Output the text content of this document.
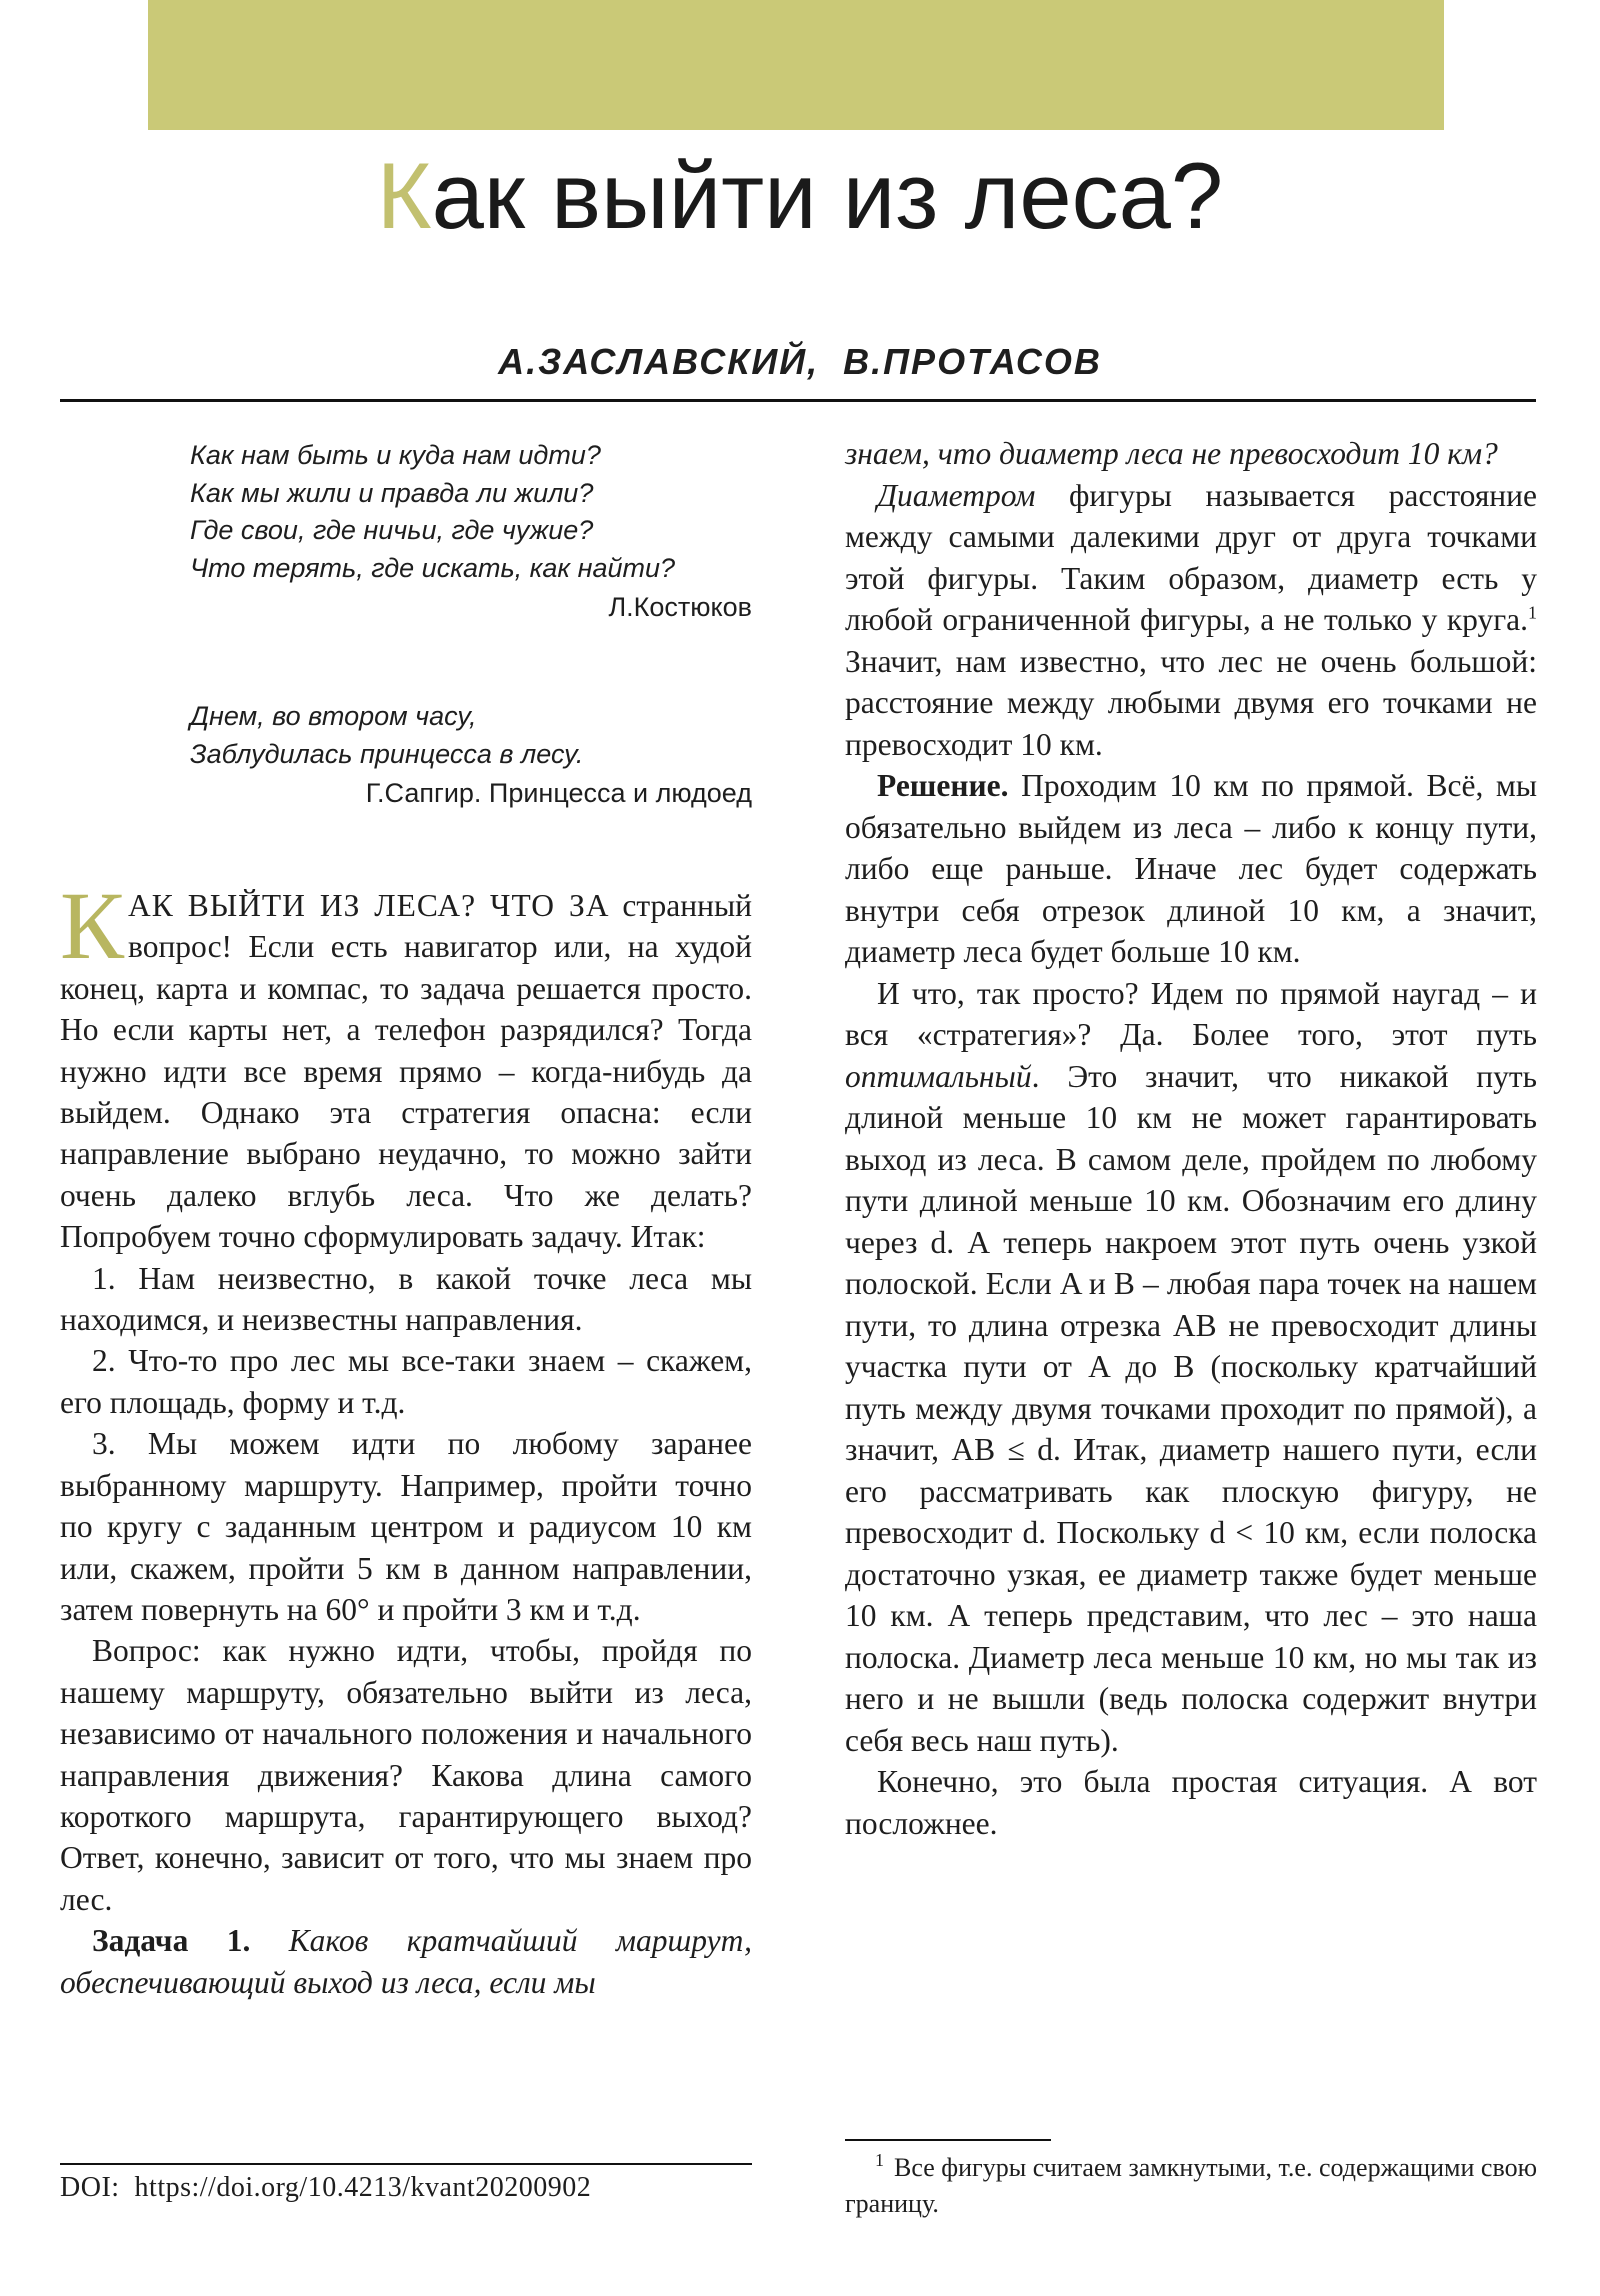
Как выйти из леса?
А.ЗАСЛАВСКИЙ,  В.ПРОТАСОВ
Как нам быть и куда нам идти?
Как мы жили и правда ли жили?
Где свои, где ничьи, где чужие?
Что терять, где искать, как найти?
Л.Костюков
Днем, во втором часу,
Заблудилась принцесса в лесу.
Г.Сапгир. Принцесса и людоед

КАК ВЫЙТИ ИЗ ЛЕСА? ЧТО ЗА странный вопрос! Если есть навигатор или, на худой конец, карта и компас, то задача решается просто. Но если карты нет, а телефон разрядился? Тогда нужно идти все время прямо – когда-нибудь да выйдем. Однако эта стратегия опасна: если направление выбрано неудачно, то можно зайти очень далеко вглубь леса. Что же делать? Попробуем точно сформулировать задачу. Итак:

1. Нам неизвестно, в какой точке леса мы находимся, и неизвестны направления.

2. Что-то про лес мы все-таки знаем – скажем, его площадь, форму и т.д.

3. Мы можем идти по любому заранее выбранному маршруту. Например, пройти точно по кругу с заданным центром и радиусом 10 км или, скажем, пройти 5 км в данном направлении, затем повернуть на 60° и пройти 3 км и т.д.

Вопрос: как нужно идти, чтобы, пройдя по нашему маршруту, обязательно выйти из леса, независимо от начального положения и начального направления движения? Какова длина самого короткого маршрута, гарантирующего выход? Ответ, конечно, зависит от того, что мы знаем про лес.

Задача 1. Каков кратчайший маршрут, обеспечивающий выход из леса, если мы

знаем, что диаметр леса не превосходит 10 км?

Диаметром фигуры называется расстояние между самыми далекими друг от друга точками этой фигуры. Таким образом, диаметр есть у любой ограниченной фигуры, а не только у круга.$^1$ Значит, нам известно, что лес не очень большой: расстояние между любыми двумя его точками не превосходит 10 км.

Решение. Проходим 10 км по прямой. Всё, мы обязательно выйдем из леса – либо к концу пути, либо еще раньше. Иначе лес будет содержать внутри себя отрезок длиной 10 км, а значит, диаметр леса будет больше 10 км.

И что, так просто? Идем по прямой наугад – и вся «стратегия»? Да. Более того, этот путь оптимальный. Это значит, что никакой путь длиной меньше 10 км не может гарантировать выход из леса. В самом деле, пройдем по любому пути длиной меньше 10 км. Обозначим его длину через d. А теперь накроем этот путь очень узкой полоской. Если A и B – любая пара точек на нашем пути, то длина отрезка AB не превосходит длины участка пути от A до B (поскольку кратчайший путь между двумя точками проходит по прямой), а значит, AB ≤ d. Итак, диаметр нашего пути, если его рассматривать как плоскую фигуру, не превосходит d. Поскольку d < 10 км, если полоска достаточно узкая, ее диаметр также будет меньше 10 км. А теперь представим, что лес – это наша полоска. Диаметр леса меньше 10 км, но мы так из него и не вышли (ведь полоска содержит внутри себя весь наш путь).

Конечно, это была простая ситуация. А вот посложнее.

DOI:  https://doi.org/10.4213/kvant20200902
$^1$ Все фигуры считаем замкнутыми, т.е. содержащими свою границу.
